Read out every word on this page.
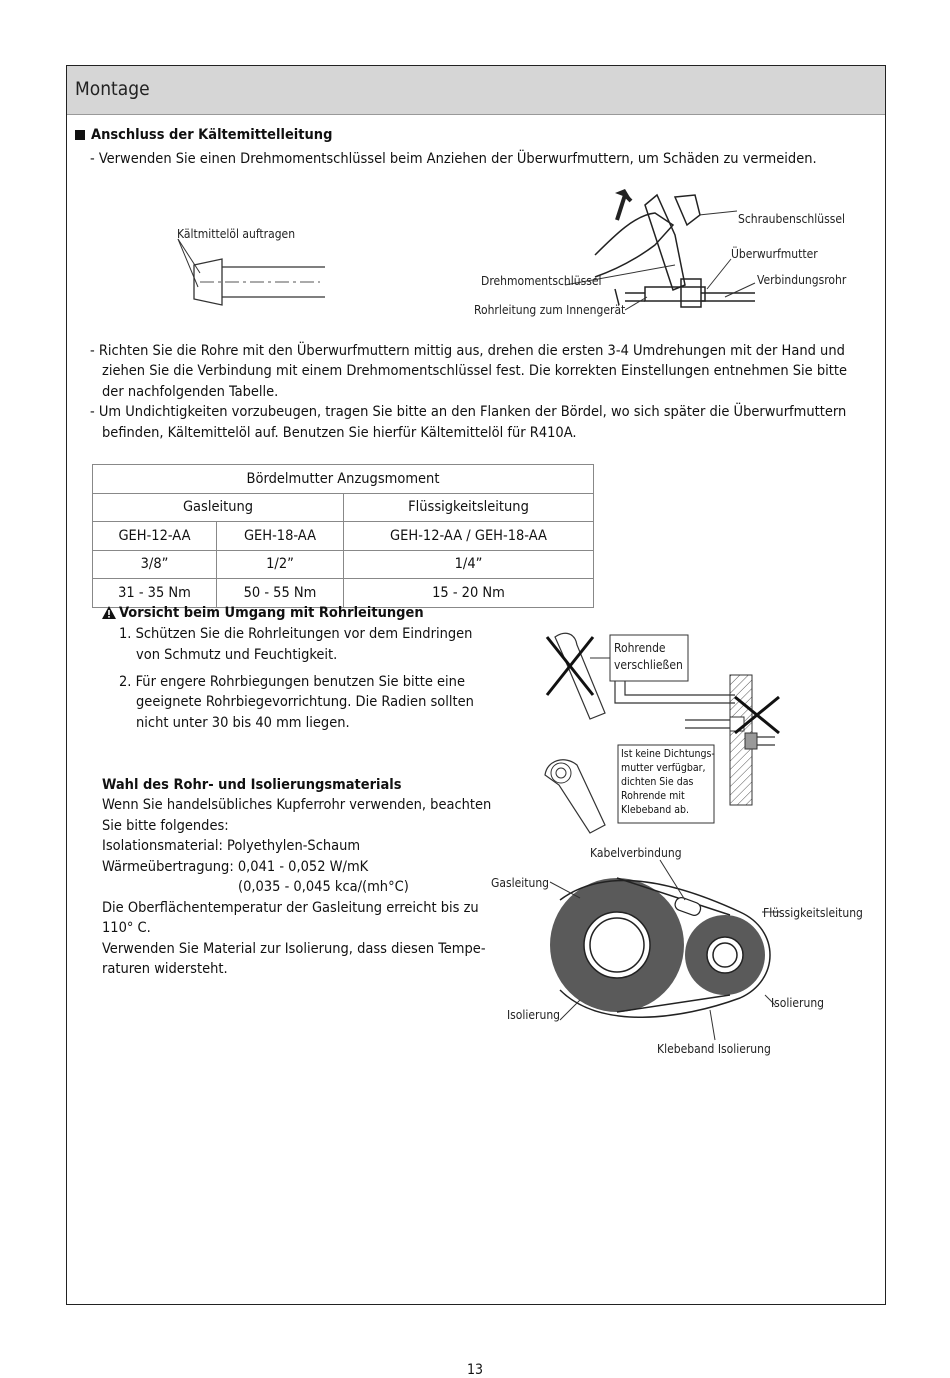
Montage
Anschluss der Kältemittelleitung
- Verwenden Sie einen Drehmomentschlüssel beim Anziehen der Überwurfmuttern, um Schäden zu vermeiden.
Kältmittelöl auftragen
Schraubenschlüssel
Überwurfmutter
Drehmomentschlüssel	Verbindungsrohr
Rohrleitung zum Innengerät
- Richten Sie die Rohre mit den Überwurfmuttern mittig aus, drehen die ersten 3-4 Umdrehungen mit der Hand und
ziehen Sie die Verbindung mit einem Drehmomentschlüssel fest. Die korrekten Einstellungen entnehmen Sie bitte
der nachfolgenden Tabelle.
- Um Undichtigkeiten vorzubeugen, tragen Sie bitte an den Flanken der Bördel, wo sich später die Überwurfmuttern
befinden, Kältemittelöl auf. Benutzen Sie hierfür Kältemittelöl für R410A.
Bördelmutter Anzugsmoment		
Gasleitung		Flüssigkeitsleitung
GEH-12-AA	GEH-18-AA	GEH-12-AA / GEH-18-AA
3/8”	1/2”	1/4”
31 - 35 Nm	50 - 55 Nm	15 - 20 Nm
Vorsicht beim Umgang mit Rohrleitungen
1. Schützen Sie die Rohrleitungen vor dem Eindringen
von Schmutz und Feuchtigkeit.
2. Für engere Rohrbiegungen benutzen Sie bitte eine
geeignete Rohrbiegevorrichtung. Die Radien sollten
nicht unter 30 bis 40 mm liegen.
Rohrende
verschließen
Ist keine Dichtungs-
mutter verfügbar,
dichten Sie das
Rohrende mit
Klebeband ab.
Wahl des Rohr- und Isolierungsmaterials
Wenn Sie handelsübliches Kupferrohr verwenden, beachten
Sie bitte folgendes:
Isolationsmaterial: Polyethylen-Schaum
Wärmeübertragung: 0,041 - 0,052 W/mK
(0,035 - 0,045 kca/(mh°C)
Die Oberflächentemperatur der Gasleitung erreicht bis zu
110° C.
Verwenden Sie Material zur Isolierung, dass diesen Tempe-
raturen widersteht.
Kabelverbindung
Gasleitung
Flüssigkeitsleitung
Isolierung
Isolierung
Klebeband Isolierung
13
